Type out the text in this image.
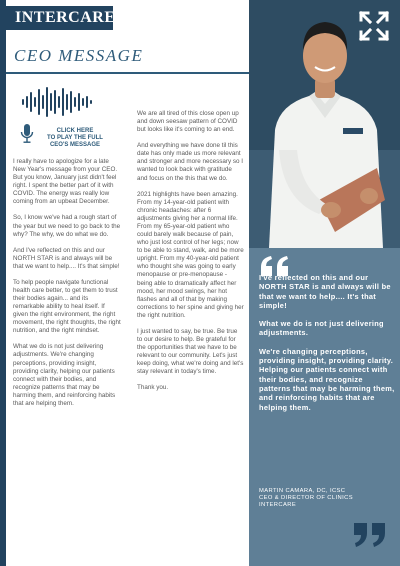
INTERCARE
CEO MESSAGE
CLICK HERE
TO PLAY THE FULL
CEO'S MESSAGE

I really have to apologize for a late New Year's message from your CEO. But you know, January just didn't feel right. I spent the better part of it with COVID. The energy was really low coming from an upbeat December.

So, I know we've had a rough start of the year but we need to go back to the why? The why, we do what we do.

And I've reflected on this and our NORTH STAR is and always will be that we want to help.... It's that simple!

To help people navigate functional health care better, to get them to trust their bodies again... and its remarkable ability to heal itself. If given the right environment, the right movement, the right thoughts, the right nutrition, and the right mindset.

What we do is not just delivering adjustments. We're changing perceptions, providing insight, providing clarity, helping our patients connect with their bodies, and recognize patterns that may be harming them, and reinforcing habits that are helping them.

We are all tired of this close open up and down seesaw pattern of COVID but looks like it's coming to an end.

And everything we have done til this date has only made us more relevant and stronger and more necessary so I wanted to look back with gratitude and focus on the this that we do.

2021 highlights have been amazing. From my 14-year-old patient with chronic headaches: after 6 adjustments giving her a normal life. From my 65-year-old patient who could barely walk because of pain, who just lost control of her legs; now to be able to stand, walk, and be more upright. From my 40-year-old patient who thought she was going to early menopause or pre-menopause - being able to dramatically affect her mood, her mood swings, her hot flashes and all of that by making corrections to her spine and giving her the right nutrition.

I just wanted to say, be true. Be true to our desire to help. Be grateful for the opportunities that we have to be relevant to our community. Let's just keep doing, what we're doing and let's stay relevant in today's time.

Thank you.

I've reflected on this and our NORTH STAR is and always will be that we want to help.... It's that simple!

What we do is not just delivering adjustments.

We're changing perceptions, providing insight, providing clarity. Helping our patients connect with their bodies, and recognize patterns that may be harming them, and reinforcing habits that are helping them.

MARTIN CAMARA, DC, ICSC
CEO & DIRECTOR OF CLINICS
INTERCARE
